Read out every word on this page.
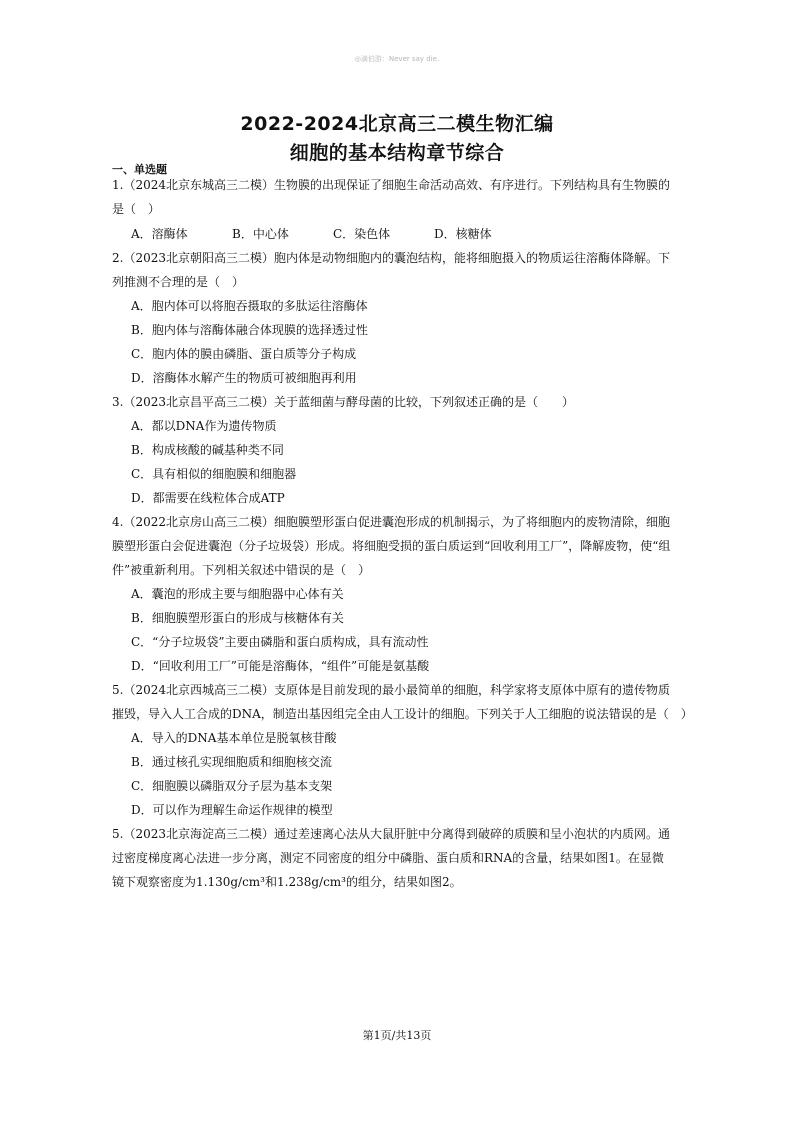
◎滴伯游：Never say die.
2022-2024北京高三二模生物汇编
细胞的基本结构章节综合
一、单选题
1.（2024北京东城高三二模）生物膜的出现保证了细胞生命活动高效、有序进行。下列结构具有生物膜的
是（　）
A．溶酶体	B．中心体	C．染色体	D．核糖体
2.（2023北京朝阳高三二模）胞内体是动物细胞内的囊泡结构，能将细胞摄入的物质运往溶酶体降解。下
列推测不合理的是（　）
A．胞内体可以将胞吞摄取的多肽运往溶酶体
B．胞内体与溶酶体融合体现膜的选择透过性
C．胞内体的膜由磷脂、蛋白质等分子构成
D．溶酶体水解产生的物质可被细胞再利用
3.（2023北京昌平高三二模）关于蓝细菌与酵母菌的比较，下列叙述正确的是（　　）
A．都以DNA作为遗传物质
B．构成核酸的碱基种类不同
C．具有相似的细胞膜和细胞器
D．都需要在线粒体合成ATP
4.（2022北京房山高三二模）细胞膜塑形蛋白促进囊泡形成的机制揭示，为了将细胞内的废物清除，细胞
膜塑形蛋白会促进囊泡（分子垃圾袋）形成。将细胞受损的蛋白质运到“回收利用工厂”，降解废物，使“组
件”被重新利用。下列相关叙述中错误的是（　）
A．囊泡的形成主要与细胞器中心体有关
B．细胞膜塑形蛋白的形成与核糖体有关
C．“分子垃圾袋”主要由磷脂和蛋白质构成，具有流动性
D．“回收利用工厂”可能是溶酶体，“组件”可能是氨基酸
5.（2024北京西城高三二模）支原体是目前发现的最小最简单的细胞，科学家将支原体中原有的遗传物质
摧毁，导入人工合成的DNA，制造出基因组完全由人工设计的细胞。下列关于人工细胞的说法错误的是（　）
A．导入的DNA基本单位是脱氧核苷酸
B．通过核孔实现细胞质和细胞核交流
C．细胞膜以磷脂双分子层为基本支架
D．可以作为理解生命运作规律的模型
5.（2023北京海淀高三二模）通过差速离心法从大鼠肝脏中分离得到破碎的质膜和呈小泡状的内质网。通
过密度梯度离心法进一步分离，测定不同密度的组分中磷脂、蛋白质和RNA的含量，结果如图1。在显微
镜下观察密度为1.130g/cm³和1.238g/cm³的组分，结果如图2。
第1页/共13页
